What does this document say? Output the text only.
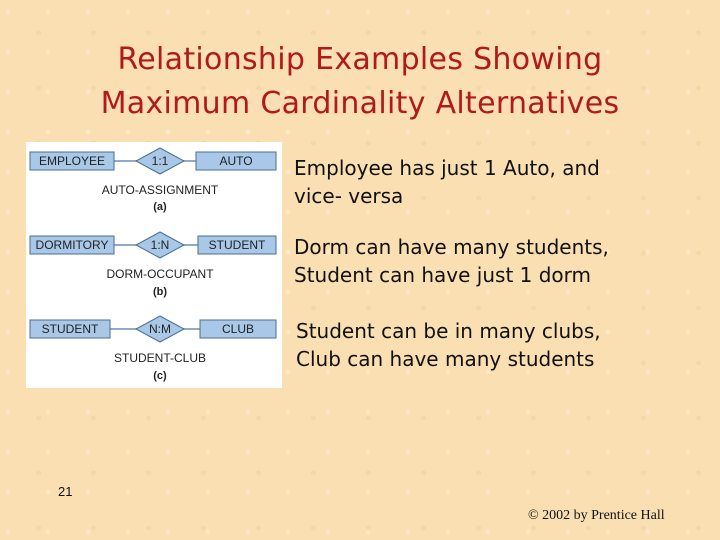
Relationship Examples Showing
Maximum Cardinality Alternatives
EMPLOYEE	1:1	AUTO
AUTO-ASSIGNMENT
(a)
DORMITORY	1:N	STUDENT
DORM-OCCUPANT
(b)
STUDENT	N:M	CLUB
STUDENT-CLUB
(c)
Employee has just 1 Auto, and
vice- versa
Dorm can have many students,
Student can have just 1 dorm
Student can be in many clubs,
Club can have many students
21
© 2002 by Prentice Hall
